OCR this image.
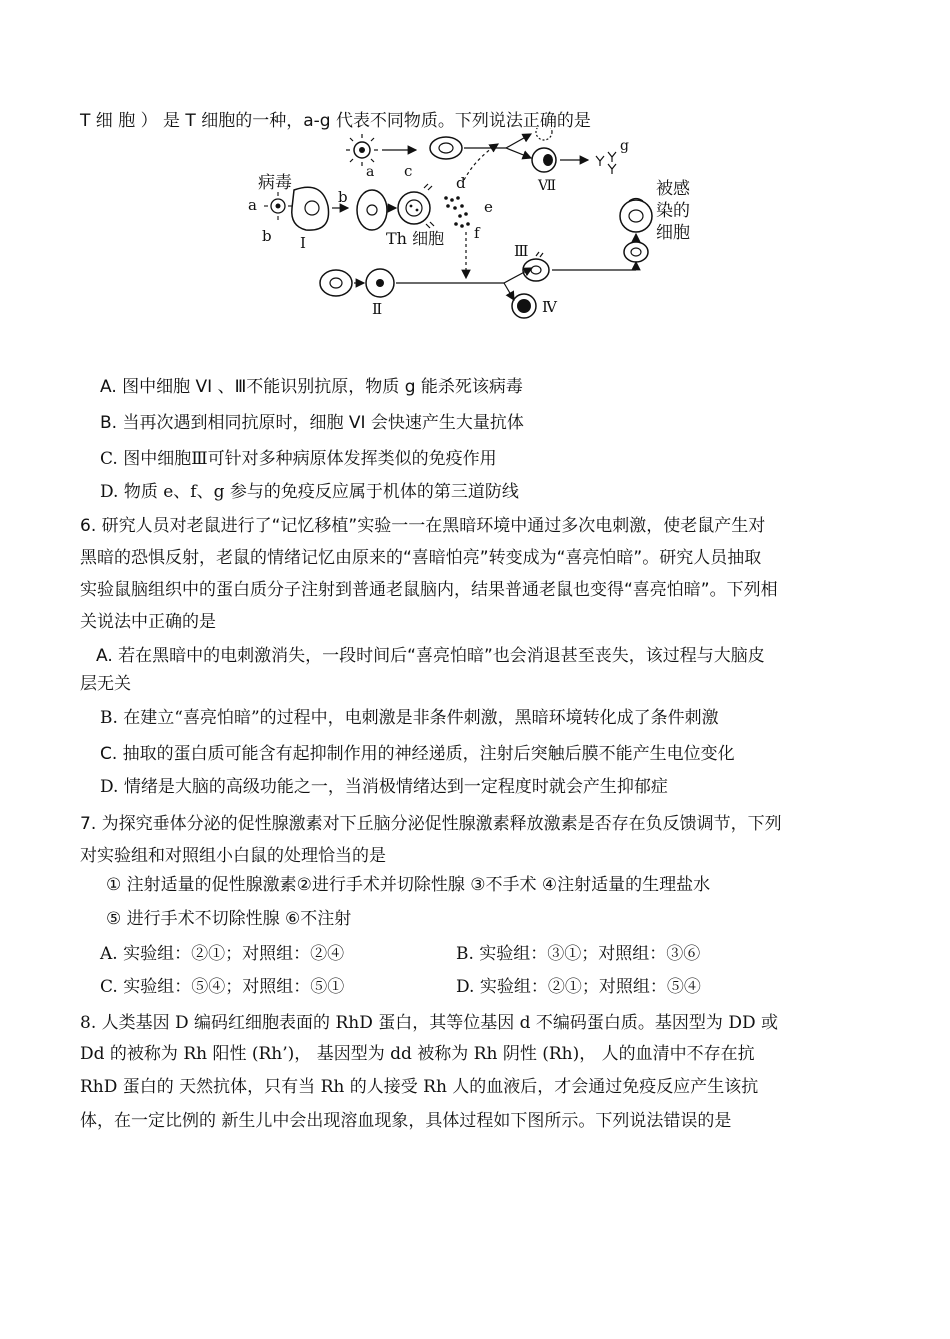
T 细 胞 ） 是 T 细胞的一种，a-g 代表不同物质。下列说法正确的是
Ⅶ
g
病毒
a
b Ⅰ
b
a c
Th 细胞
d
e
f
Ⅱ
Ⅲ
Ⅳ
被感
染的
细胞
A. 图中细胞 VI 、Ⅲ不能识别抗原，物质 g 能杀死该病毒
B. 当再次遇到相同抗原时，细胞 VI 会快速产生大量抗体
C. 图中细胞Ⅲ可针对多种病原体发挥类似的免疫作用
D. 物质 e、f、g 参与的免疫反应属于机体的第三道防线
6. 研究人员对老鼠进行了“记忆移植”实验一一在黑暗环境中通过多次电刺激，使老鼠产生对
黑暗的恐惧反射，老鼠的情绪记忆由原来的“喜暗怕亮”转变成为“喜亮怕暗”。研究人员抽取
实验鼠脑组织中的蛋白质分子注射到普通老鼠脑内，结果普通老鼠也变得“喜亮怕暗”。下列相
关说法中正确的是
A. 若在黑暗中的电刺激消失，一段时间后“喜亮怕暗”也会消退甚至丧失，该过程与大脑皮
层无关
B. 在建立“喜亮怕暗”的过程中，电刺激是非条件刺激，黑暗环境转化成了条件刺激
C. 抽取的蛋白质可能含有起抑制作用的神经递质，注射后突触后膜不能产生电位变化
D. 情绪是大脑的高级功能之一，当消极情绪达到一定程度时就会产生抑郁症
7. 为探究垂体分泌的促性腺激素对下丘脑分泌促性腺激素释放激素是否存在负反馈调节，下列
对实验组和对照组小白鼠的处理恰当的是
① 注射适量的促性腺激素②进行手术并切除性腺 ③不手术 ④注射适量的生理盐水
⑤ 进行手术不切除性腺 ⑥不注射
A. 实验组：②①；对照组：②④	B. 实验组：③①；对照组：③⑥
C. 实验组：⑤④；对照组：⑤①	D. 实验组：②①；对照组：⑤④
8. 人类基因 D 编码红细胞表面的 RhD 蛋白，其等位基因 d 不编码蛋白质。基因型为 DD 或
Dd 的被称为 Rh 阳性 (Rh’)， 基因型为 dd 被称为 Rh 阴性 (Rh)， 人的血清中不存在抗
RhD 蛋白的 天然抗体，只有当 Rh 的人接受 Rh 人的血液后，才会通过免疫反应产生该抗
体，在一定比例的 新生儿中会出现溶血现象，具体过程如下图所示。下列说法错误的是
